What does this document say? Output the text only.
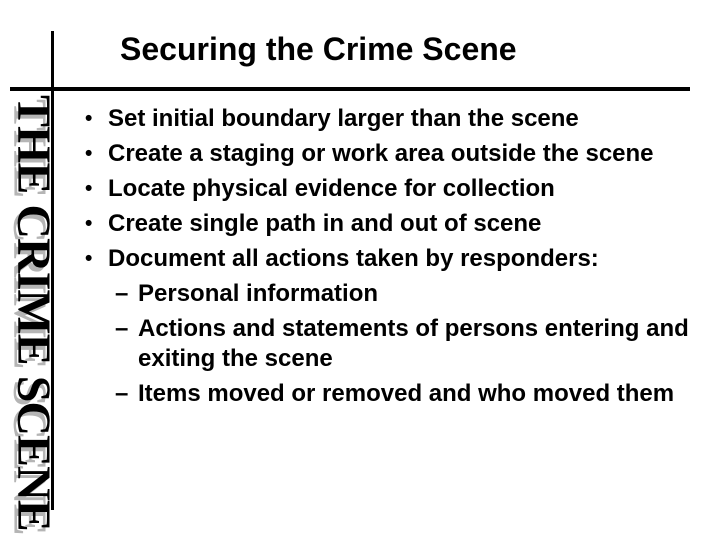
Securing the Crime Scene
THE CRIME SCENE • Set initial boundary larger than the scene
• Create a staging or work area outside the scene
• Locate physical evidence for collection
• Create single path in and out of scene
• Document all actions taken by responders:
– Personal information
– Actions and statements of persons entering and exiting the scene
– Items moved or removed and who moved them
